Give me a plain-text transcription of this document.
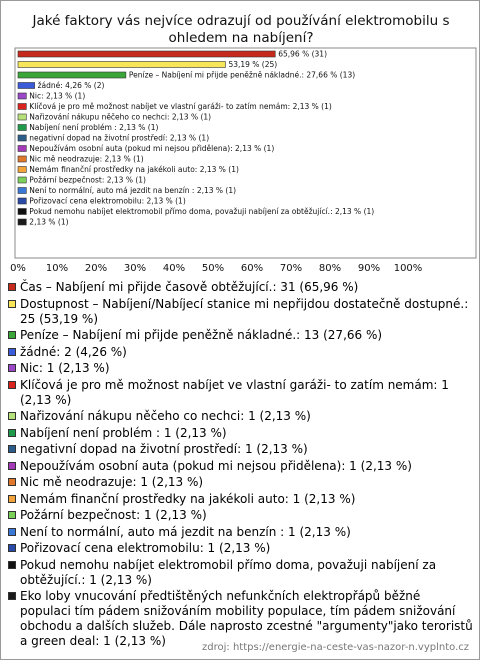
Jaké faktory vás nejvíce odrazují od používání elektromobilu s ohledem na nabíjení?
65,96 % (31)
53,19 % (25)
Peníze – Nabíjení mi přijde peněžně nákladné.: 27,66 % (13)
žádné: 4,26 % (2)
Nic: 2,13 % (1)
Klíčová je pro mě možnost nabíjet ve vlastní garáži- to zatím nemám: 2,13 % (1)
Nařizování nákupu něčeho co nechci: 2,13 % (1)
Nabíjení není problém : 2,13 % (1)
negativní dopad na životní prostředí: 2,13 % (1)
Nepoužívám osobní auta (pokud mi nejsou přidělena): 2,13 % (1)
Nic mě neodrazuje: 2,13 % (1)
Nemám finanční prostředky na jakékoli auto: 2,13 % (1)
Požární bezpečnost: 2,13 % (1)
Není to normální, auto má jezdit na benzín : 2,13 % (1)
Pořizovací cena elektromobilu: 2,13 % (1)
Pokud nemohu nabíjet elektromobil přímo doma, považuji nabíjení za obtěžující.: 2,13 % (1)
2,13 % (1)
0% 10% 20% 30% 40% 50% 60% 70% 80% 90% 100%
Čas – Nabíjení mi přijde časově obtěžující.: 31 (65,96 %)
Dostupnost – Nabíjení/Nabíjecí stanice mi nepřijdou dostatečně dostupné.: 25 (53,19 %)
Peníze – Nabíjení mi přijde peněžně nákladné.: 13 (27,66 %)
žádné: 2 (4,26 %)
Nic: 1 (2,13 %)
Klíčová je pro mě možnost nabíjet ve vlastní garáži- to zatím nemám: 1 (2,13 %)
Nařizování nákupu něčeho co nechci: 1 (2,13 %)
Nabíjení není problém : 1 (2,13 %)
negativní dopad na životní prostředí: 1 (2,13 %)
Nepoužívám osobní auta (pokud mi nejsou přidělena): 1 (2,13 %)
Nic mě neodrazuje: 1 (2,13 %)
Nemám finanční prostředky na jakékoli auto: 1 (2,13 %)
Požární bezpečnost: 1 (2,13 %)
Není to normální, auto má jezdit na benzín : 1 (2,13 %)
Pořizovací cena elektromobilu: 1 (2,13 %)
Pokud nemohu nabíjet elektromobil přímo doma, považuji nabíjení za obtěžující.: 1 (2,13 %)
Eko loby vnucování předtištěných nefunkčních elektropřápů běžné populaci tím pádem snižováním mobility populace, tím pádem snižování obchodu a dalších služeb. Dále naprosto zcestné "argumenty"jako teroristů a green deal: 1 (2,13 %)	zdroj: https://energie-na-ceste-vas-nazor-n.vyplnto.cz
